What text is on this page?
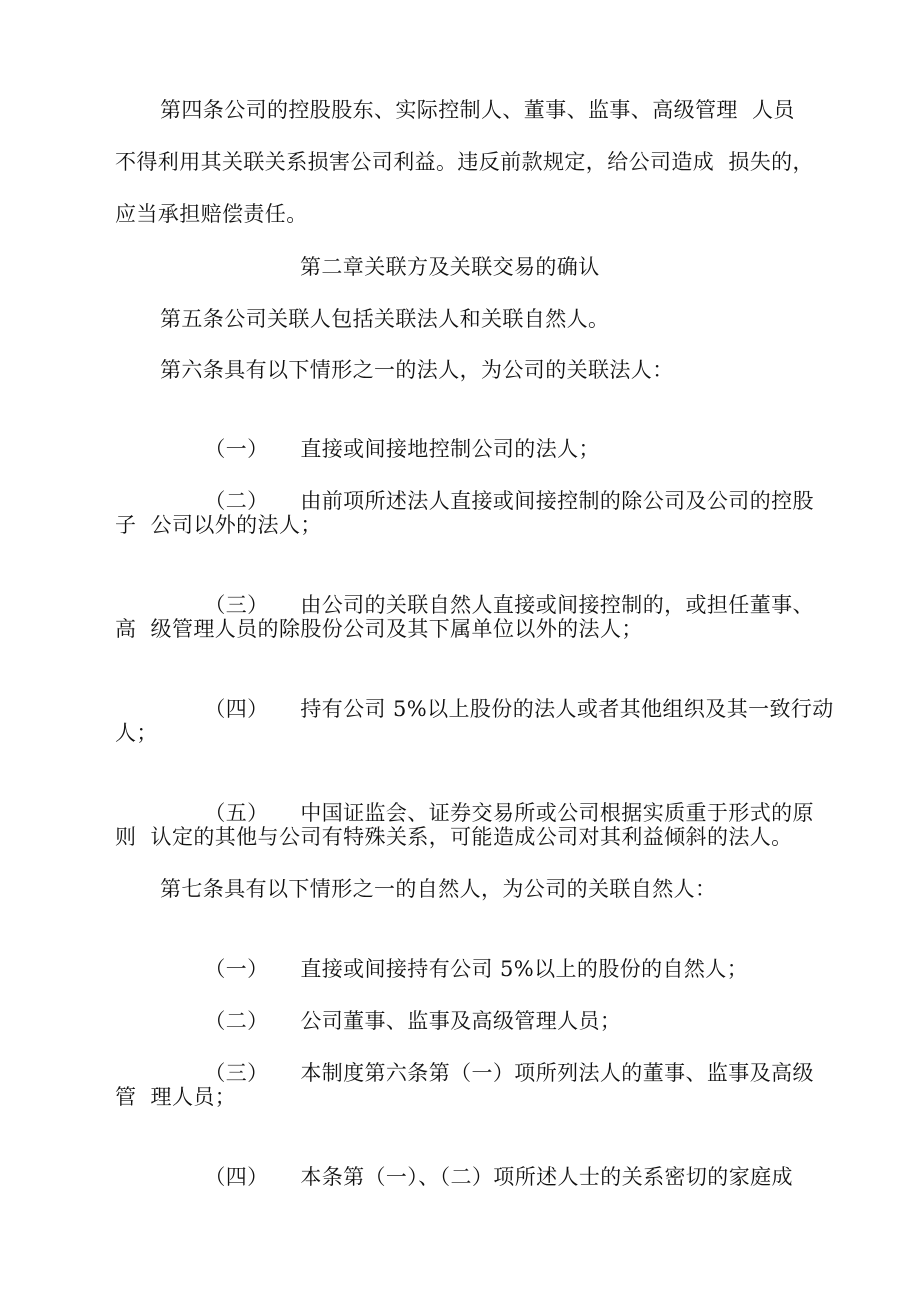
第四条公司的控股股东、实际控制人、董事、监事、高级管理  人员
不得利用其关联关系损害公司利益。违反前款规定，给公司造成  损失的，
应当承担赔偿责任。
第二章关联方及关联交易的确认
第五条公司关联人包括关联法人和关联自然人。
第六条具有以下情形之一的法人，为公司的关联法人：

（一） 直接或间接地控制公司的法人；

（二） 由前项所述法人直接或间接控制的除公司及公司的控股

子  公司以外的法人；

（三） 由公司的关联自然人直接或间接控制的，或担任董事、

高  级管理人员的除股份公司及其下属单位以外的法人；

（四） 持有公司 5%以上股份的法人或者其他组织及其一致行动

人；

（五） 中国证监会、证券交易所或公司根据实质重于形式的原

则  认定的其他与公司有特殊关系，可能造成公司对其利益倾斜的法人。
第七条具有以下情形之一的自然人，为公司的关联自然人：

（一） 直接或间接持有公司 5%以上的股份的自然人；

（二） 公司董事、监事及高级管理人员；

（三） 本制度第六条第（一）项所列法人的董事、监事及高级

管  理人员；

（四） 本条第（一）、（二）项所述人士的关系密切的家庭成
